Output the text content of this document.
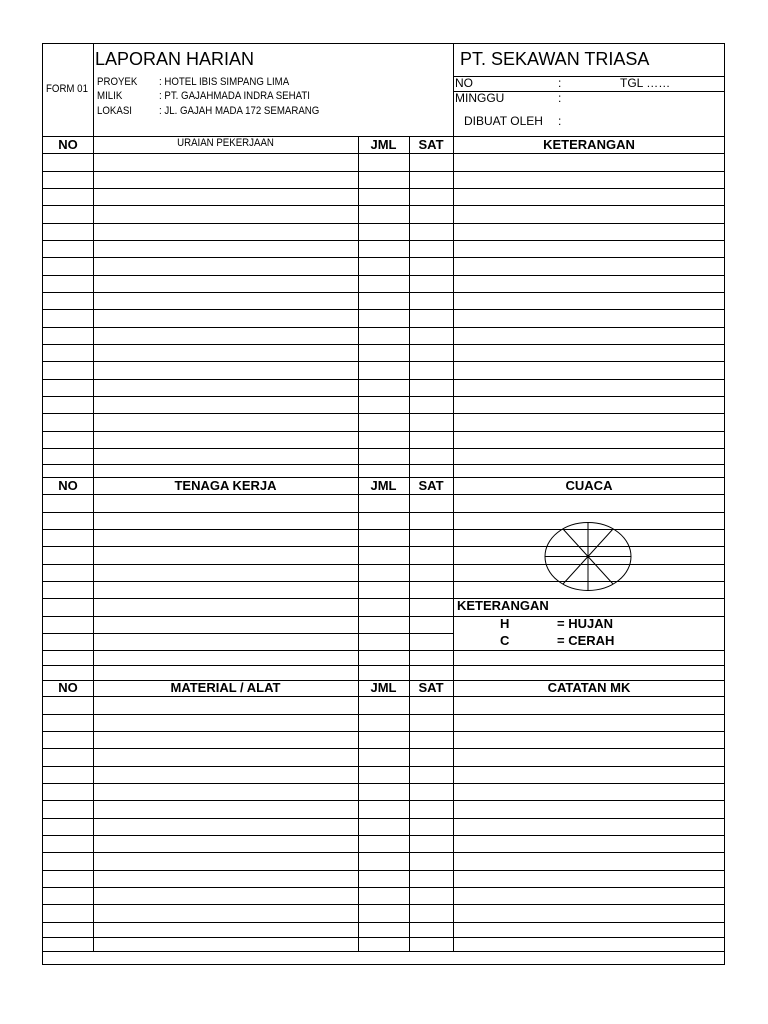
LAPORAN HARIAN	PT. SEKAWAN TRIASA
FORM 01
PROYEK : HOTEL IBIS SIMPANG LIMA
MILIK	: PT. GAJAHMADA INDRA SEHATI
LOKASI : JL. GAJAH MADA 172 SEMARANG
NO	:	TGL ……
MINGGU	:
DIBUAT OLEH :
NO	URAIAN PEKERJAAN	JML	SAT	KETERANGAN
NO	TENAGA KERJA	JML	SAT	CUACA
KETERANGAN
H	= HUJAN
C	= CERAH
NO	MATERIAL / ALAT	JML	SAT	CATATAN MK
